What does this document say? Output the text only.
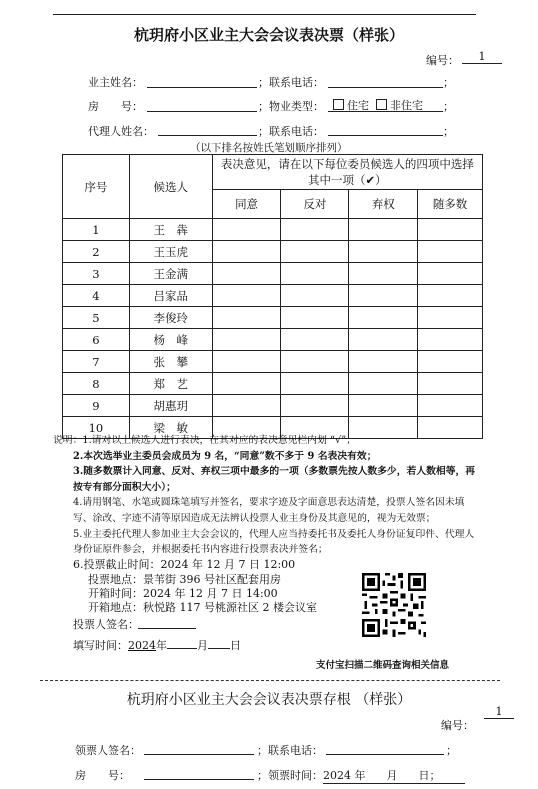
杭玥府小区业主大会会议表决票（样张）
编号：	1
业主姓名：	；联系电话：	；
房　　号：	；物业类型：	住宅 非住宅 ；
代理人姓名：	；联系电话：	；
（以下排名按姓氏笔划顺序排列）
序号	候选人	表决意见，请在以下每位委员候选人的四项中选择其中一项（✔）			
		同意	反对	弃权	随多数
1	王　犇				
2	王玉虎				
3	王金满				
4	吕家品				
5	李俊玲				
6	杨　峰				
7	张　攀				
8	郑　艺				
9	胡惠玥				
10	梁　敏				

说明：1.请对以上候选人进行表决，在其对应的表决意见栏内划 “√”；

2.本次选举业主委员会成员为 9 名，“同意”数不多于 9 名表决有效；

3.随多数票计入同意、反对、弃权三项中最多的一项（多数票先按人数多少，若人数相等，再按专有部分面积大小）；

4.请用钢笔、水笔或圆珠笔填写并签名，要求字迹及字面意思表达清楚，投票人签名因未填写、涂改、字迹不清等原因造成无法辨认投票人业主身份及其意见的，视为无效票；

5.业主委托代理人参加业主大会会议的，代理人应当持委托书及委托人身份证复印件、代理人身份证原件参会，并根据委托书内容进行投票表决并签名；

6.投票截止时间：2024 年 12 月 7 日 12:00
投票地点：景苇街 396 号社区配套用房
开箱时间：2024 年 12 月 7 日 14:00
开箱地点：秋悦路 117 号桃源社区 2 楼会议室
投票人签名：
填写时间：2024年	月 日
支付宝扫描二维码查询相关信息
杭玥府小区业主大会会议表决票存根 （样张）
编号：
1
领票人签名：	；联系电话：	；
房　　号：	；领票时间：2024 年 月 日；
